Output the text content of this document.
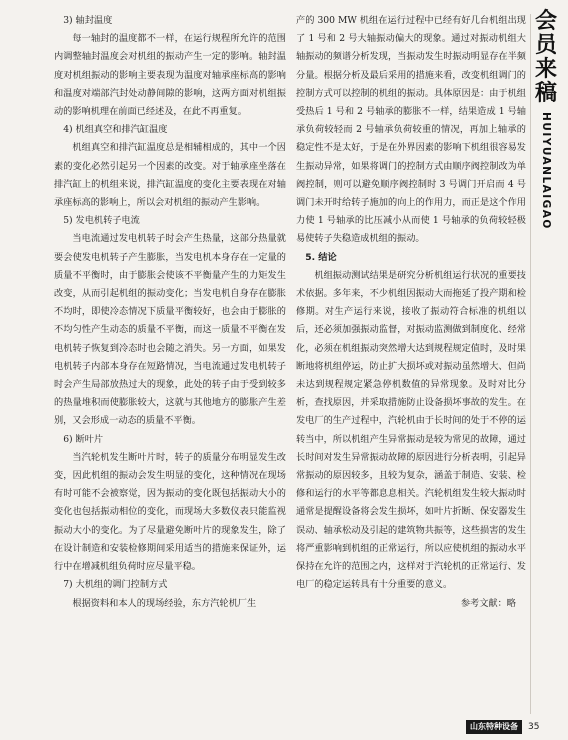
3) 轴封温度

每一轴封的温度都不一样，在运行规程所允许的范围内调整轴封温度会对机组的振动产生一定的影响。轴封温度对机组振动的影响主要表现为温度对轴承座标高的影响和温度对端部汽封处动静间隙的影响，这两方面对机组振动的影响机理在前面已经述及，在此不再重复。

4) 机组真空和排汽缸温度

机组真空和排汽缸温度总是相辅相成的，其中一个因素的变化必然引起另一个因素的改变。对于轴承座坐落在排汽缸上的机组来说，排汽缸温度的变化主要表现在对轴承座标高的影响上，所以会对机组的振动产生影响。

5) 发电机转子电流

当电流通过发电机转子时会产生热量，这部分热量就要会使发电机转子产生膨胀，当发电机本身存在一定量的质量不平衡时，由于膨胀会使该不平衡量产生的力矩发生改变，从而引起机组的振动变化；当发电机自身存在膨胀不均时，即使冷态情况下质量平衡较好，也会由于膨胀的不均匀性产生动态的质量不平衡，而这一质量不平衡在发电机转子恢复到冷态时也会随之消失。另一方面，如果发电机转子内部本身存在短路情况，当电流通过发电机转子时会产生局部放热过大的现象，此处的转子由于受到较多的热量堆积而使膨胀较大，这就与其他地方的膨胀产生差别，又会形成一动态的质量不平衡。

6) 断叶片

当汽轮机发生断叶片时，转子的质量分布明显发生改变，因此机组的振动会发生明显的变化，这种情况在现场有时可能不会被察觉，因为振动的变化既包括振动大小的变化也包括振动相位的变化，而现场大多数仪表只能监视振动大小的变化。为了尽量避免断叶片的现象发生，除了在设计制造和安装检修期间采用适当的措施来保证外，运行中在增减机组负荷时应尽量平稳。

7) 大机组的调门控制方式

根据资料和本人的现场经验，东方汽轮机厂生

产的 300 MW 机组在运行过程中已经有好几台机组出现了 1 号和 2 号大轴振动偏大的现象。通过对振动机组大轴振动的频谱分析发现，当振动发生时振动明显存在半频分量。根据分析及最后采用的措施来看，改变机组调门的控制方式可以控制的机组的振动。具体原因是：由于机组受热后 1 号和 2 号轴承的膨胀不一样，结果造成 1 号轴承负荷较轻而 2 号轴承负荷较重的情况，再加上轴承的稳定性不是太好，于是在外界因素的影响下机组很容易发生振动异常，如果将调门的控制方式由顺序阀控制改为单阀控制，则可以避免顺序阀控制时 3 号调门开启而 4 号调门未开时给转子施加的向上的作用力，而正是这个作用力使 1 号轴承的比压减小从而使 1 号轴承的负荷较轻极易使转子失稳造成机组的振动。

5. 结论

机组振动测试结果是研究分析机组运行状况的重要技术依据。多年来，不少机组因振动大而拖延了投产期和检修期。对生产运行来说，接收了振动符合标准的机组以后，还必须加强振动监督，对振动监测做到制度化、经常化，必须在机组振动突然增大达到规程规定值时，及时果断地将机组停运，防止扩大损坏或对振动虽然增大、但尚未达到规程规定紧急停机数值的异常现象。及时对比分析，查找原因，并采取措施防止设备损坏事故的发生。在发电厂的生产过程中，汽轮机由于长时间的处于不停的运转当中，所以机组产生异常振动是较为常见的故障，通过长时间对发生异常振动故障的原因进行分析表明，引起异常振动的原因较多，且较为复杂，涵盖于制造、安装、检修和运行的水平等都息息相关。汽轮机组发生较大振动时通常是提醒设备将会发生损坏，如叶片折断、保安器发生误动、轴承松动及引起的建筑物共振等，这些损害的发生将严重影响到机组的正常运行，所以应使机组的振动水平保持在允许的范围之内，这样对于汽轮机的正常运行、发电厂的稳定运转具有十分重要的意义。

参考文献：略

会员来稿
HUIYUANLAIGAO
山东特种设备	35
